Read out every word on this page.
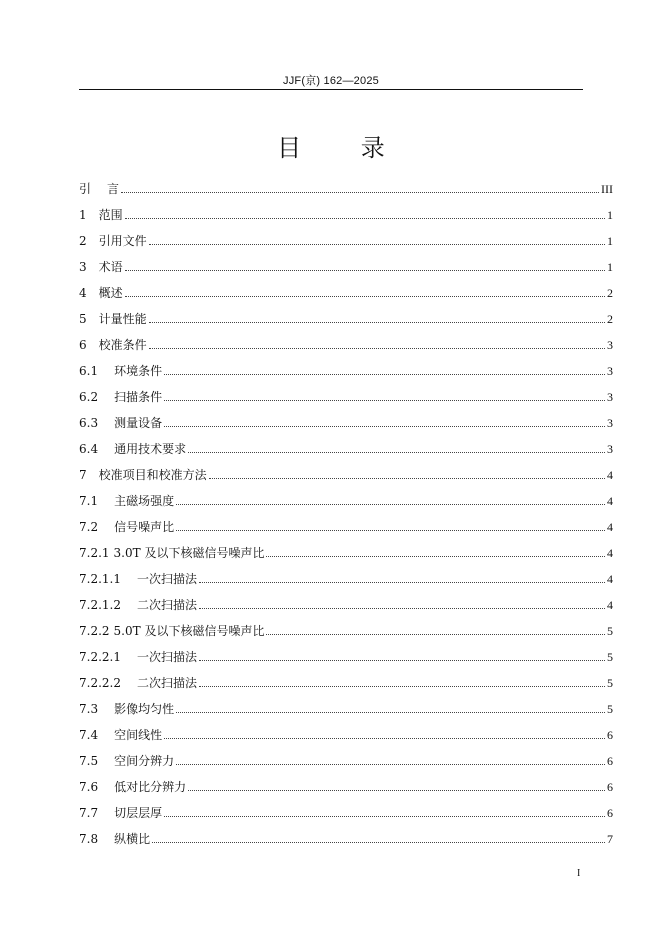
JJF(京) 162—2025
目 录
引 言	III
1 范围	1
2 引用文件	1
3 术语	1
4 概述	2
5 计量性能	2
6 校准条件	3
6.1 环境条件	3
6.2 扫描条件	3
6.3 测量设备	3
6.4 通用技术要求	3
7 校准项目和校准方法	4
7.1 主磁场强度	4
7.2 信号噪声比	4
7.2.1 3.0T 及以下核磁信号噪声比	4
7.2.1.1 一次扫描法	4
7.2.1.2 二次扫描法	4
7.2.2 5.0T 及以下核磁信号噪声比	5
7.2.2.1 一次扫描法	5
7.2.2.2 二次扫描法	5
7.3 影像均匀性	5
7.4 空间线性	6
7.5 空间分辨力	6
7.6 低对比分辨力	6
7.7 切层层厚	6
7.8 纵横比	7
I
